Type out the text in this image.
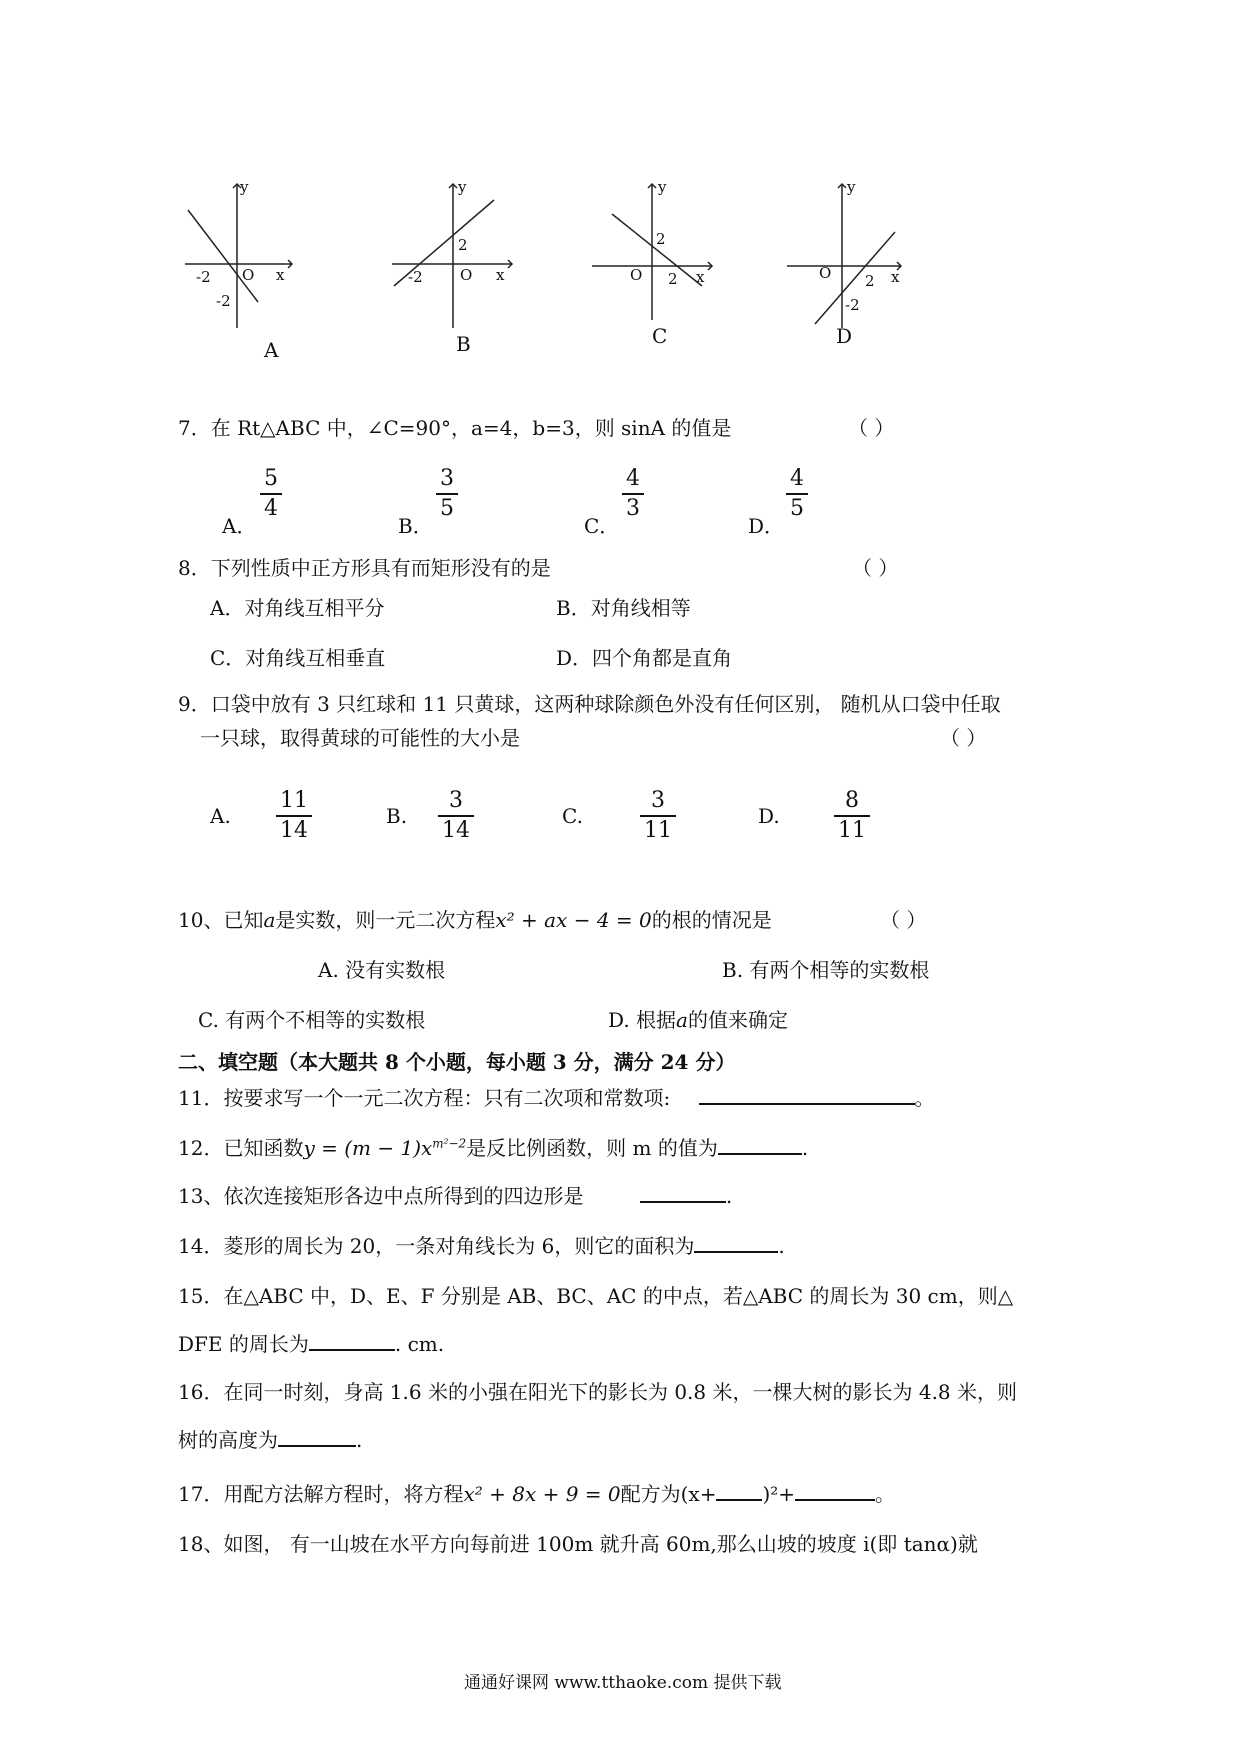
y
x
O
-2
-2
A
y
x
O
2
-2
B
y
x
O
2
2
C
y
x
O 2
-2
D
7．在 Rt△ABC 中，∠C=90°，a=4，b=3，则 sinA 的值是	（ ）
A．
5
4
B．
3
5
C．
4
3
D．
4
5
8．下列性质中正方形具有而矩形没有的是	（ ）
A．对角线互相平分	B．对角线相等
C．对角线互相垂直	D．四个角都是直角
9．口袋中放有 3 只红球和 11 只黄球，这两种球除颜色外没有任何区别， 随机从口袋中任取
一只球，取得黄球的可能性的大小是	（ ）
A.
11
14
B.
3
14
C.
3
11
D.
8
11
10、已知a是实数，则一元二次方程x² + ax − 4 = 0的根的情况是	（ ）
A. 没有实数根	B. 有两个相等的实数根
C. 有两个不相等的实数根	D. 根据a的值来确定
二、填空题（本大题共 8 个小题，每小题 3 分，满分 24 分）
11．按要求写一个一元二次方程：只有二次项和常数项:	。
12．已知函数$y = (m - 1)x^{m^2-2}$是反比例函数，则 m 的值为	.
13、依次连接矩形各边中点所得到的四边形是	.
14．菱形的周长为 20，一条对角线长为 6，则它的面积为	.
15．在△ABC 中，D、E、F 分别是 AB、BC、AC 的中点，若△ABC 的周长为 30 cm，则△
DFE 的周长为	. cm.
16．在同一时刻，身高 1.6 米的小强在阳光下的影长为 0.8 米，一棵大树的影长为 4.8 米，则
树的高度为	.
17．用配方法解方程时，将方程x² + 8x + 9 = 0配方为(x+ )²+	。
18、如图， 有一山坡在水平方向每前进 100m 就升高 60m,那么山坡的坡度 i(即 tanα)就
通通好课网 www.tthaoke.com 提供下载
